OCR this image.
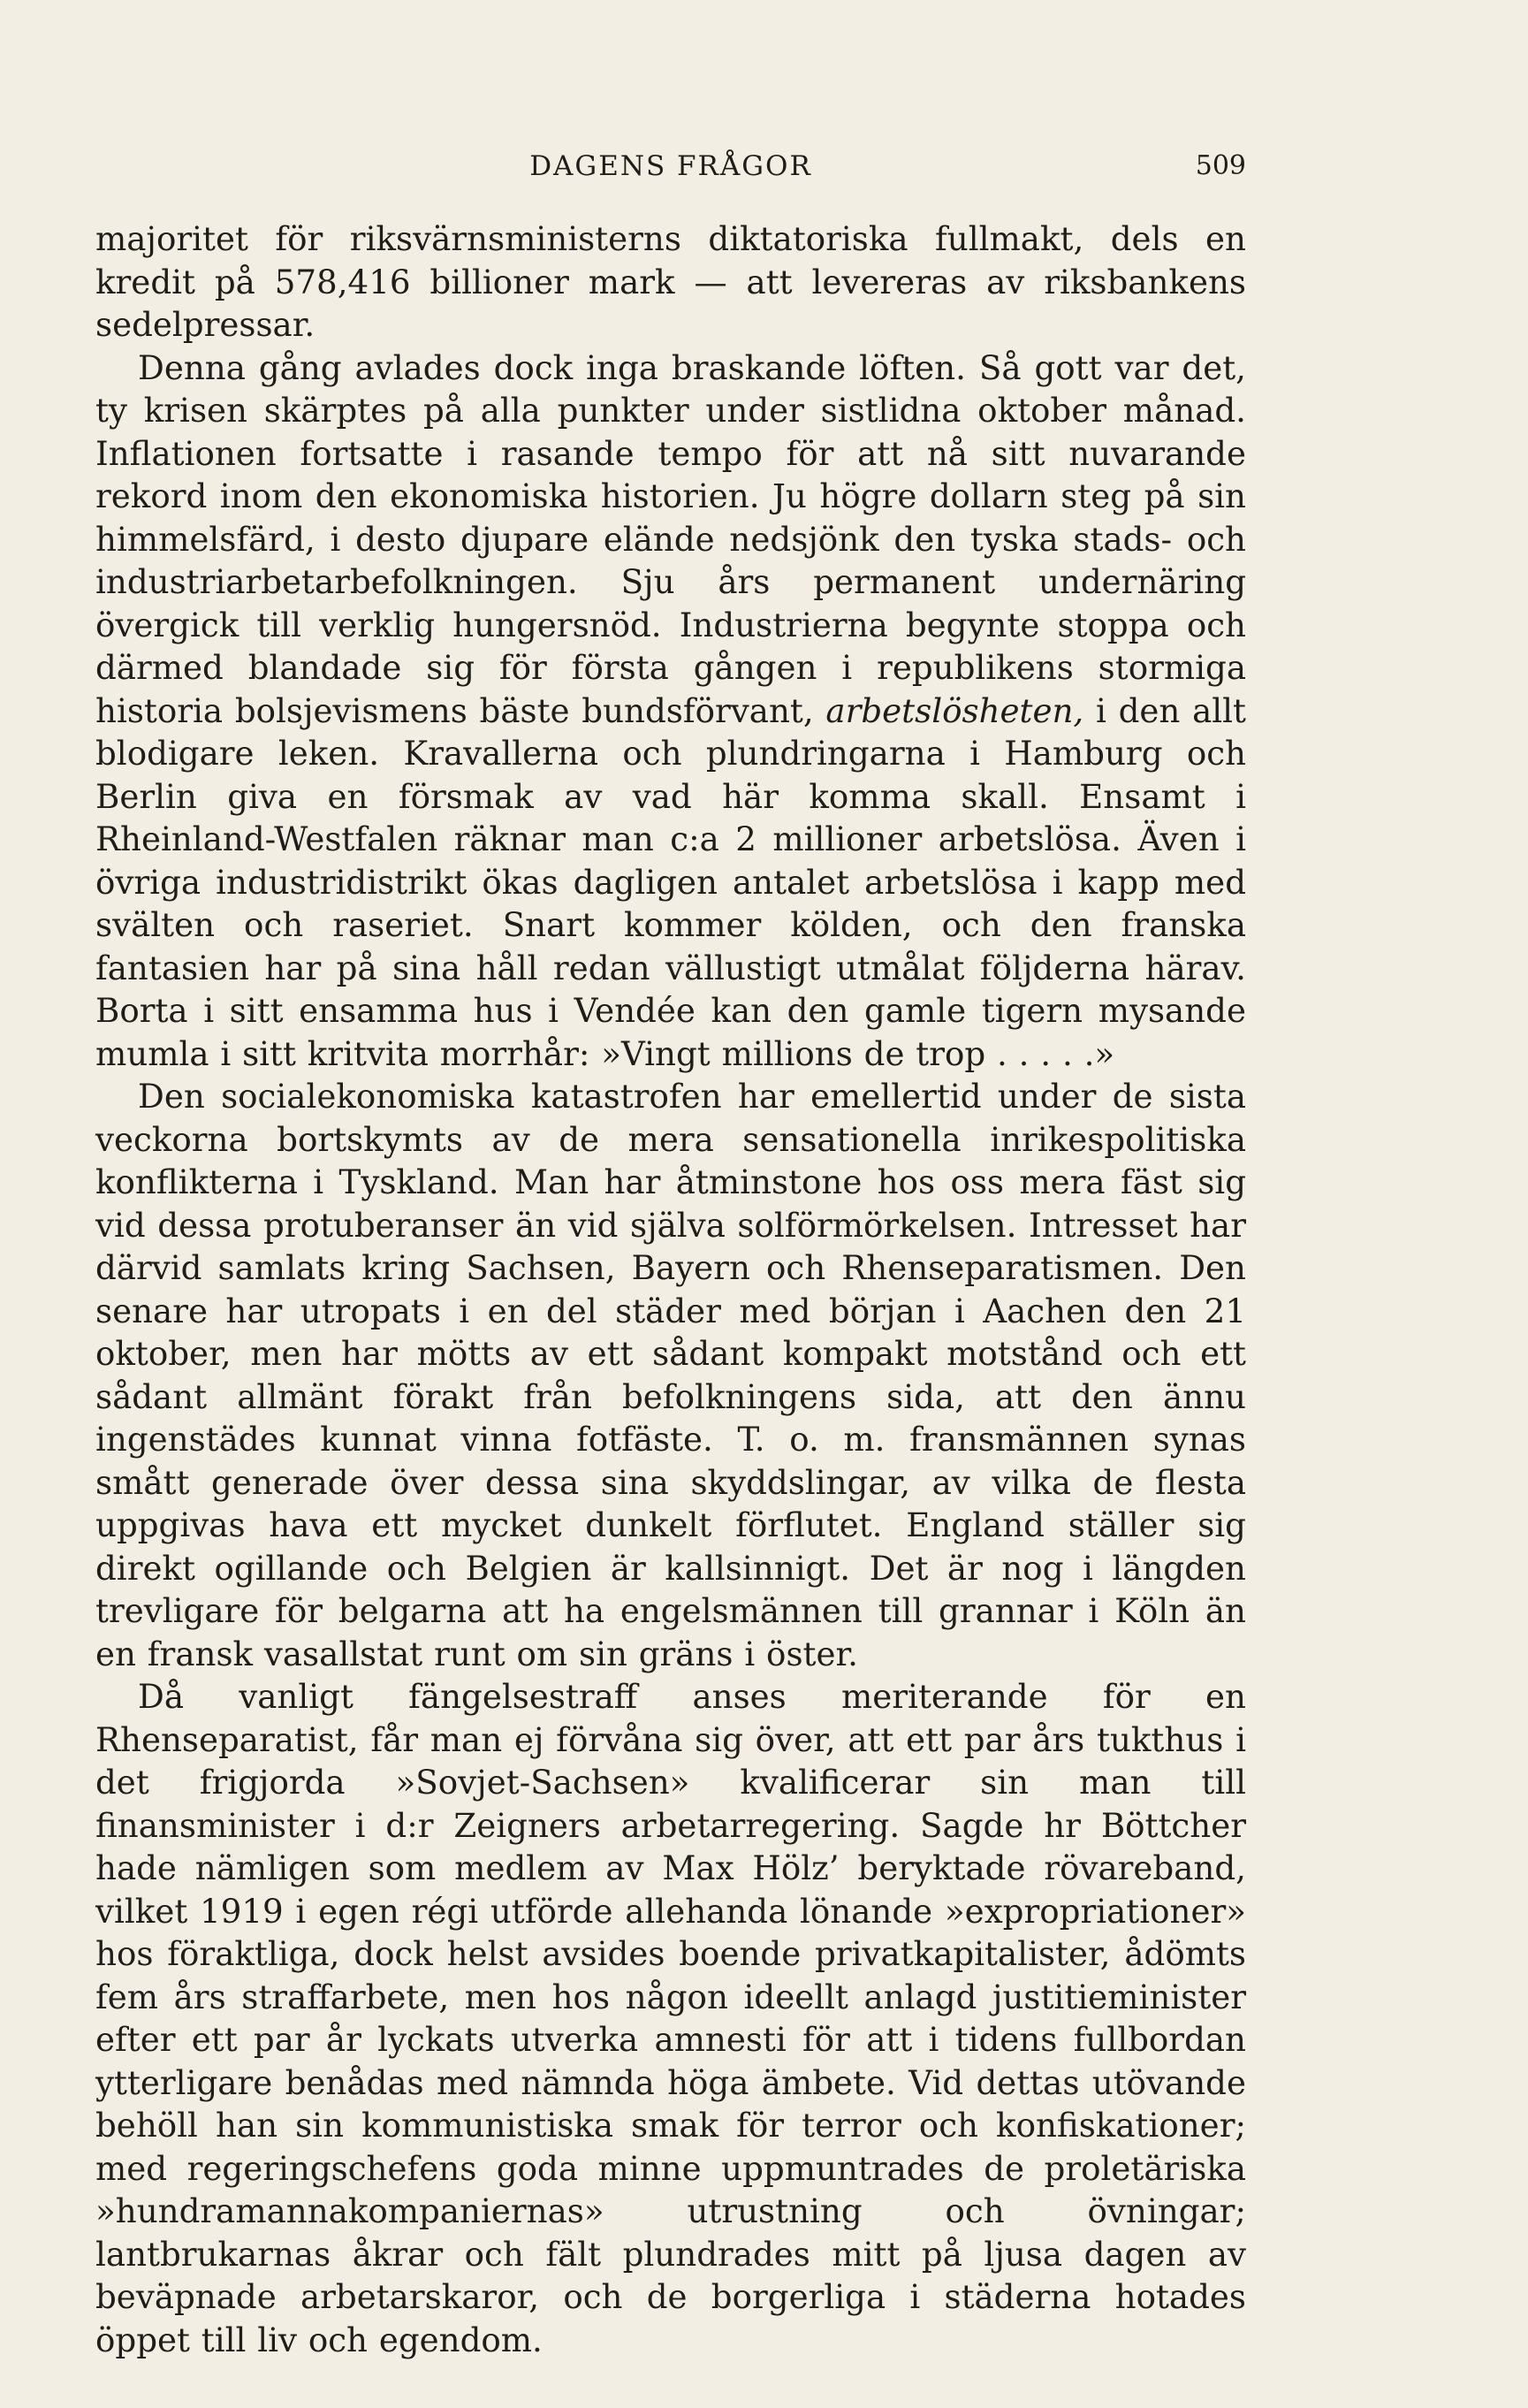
DAGENS FRÅGOR	509

majoritet för riksvärnsministerns diktatoriska fullmakt, dels en kredit på 578,416 billioner mark — att levereras av riksbankens sedelpressar.

Denna gång avlades dock inga braskande löften. Så gott var det, ty krisen skärptes på alla punkter under sistlidna oktober månad. Inflationen fortsatte i rasande tempo för att nå sitt nuvarande rekord inom den ekonomiska historien. Ju högre dollarn steg på sin himmelsfärd, i desto djupare elände nedsjönk den tyska stads- och industriarbetarbefolkningen. Sju års permanent undernäring övergick till verklig hungersnöd. Industrierna begynte stoppa och därmed blandade sig för första gången i republikens stormiga historia bolsjevismens bäste bundsförvant, arbetslösheten, i den allt blodigare leken. Kravallerna och plundringarna i Hamburg och Berlin giva en försmak av vad här komma skall. Ensamt i Rheinland-Westfalen räknar man c:a 2 millioner arbetslösa. Även i övriga industridistrikt ökas dagligen antalet arbetslösa i kapp med svälten och raseriet. Snart kommer kölden, och den franska fantasien har på sina håll redan vällustigt utmålat följderna härav. Borta i sitt ensamma hus i Vendée kan den gamle tigern mysande mumla i sitt kritvita morrhår: »Vingt millions de trop . . . . .»

Den socialekonomiska katastrofen har emellertid under de sista veckorna bortskymts av de mera sensationella inrikespolitiska konflikterna i Tyskland. Man har åtminstone hos oss mera fäst sig vid dessa protuberanser än vid själva solförmörkelsen. Intresset har därvid samlats kring Sachsen, Bayern och Rhenseparatismen. Den senare har utropats i en del städer med början i Aachen den 21 oktober, men har mötts av ett sådant kompakt motstånd och ett sådant allmänt förakt från befolkningens sida, att den ännu ingenstädes kunnat vinna fotfäste. T. o. m. fransmännen synas smått generade över dessa sina skyddslingar, av vilka de flesta uppgivas hava ett mycket dunkelt förflutet. England ställer sig direkt ogillande och Belgien är kallsinnigt. Det är nog i längden trevligare för belgarna att ha engelsmännen till grannar i Köln än en fransk vasallstat runt om sin gräns i öster.

Då vanligt fängelsestraff anses meriterande för en Rhenseparatist, får man ej förvåna sig över, att ett par års tukthus i det frigjorda »Sovjet-Sachsen» kvalificerar sin man till finansminister i d:r Zeigners arbetarregering. Sagde hr Böttcher hade nämligen som medlem av Max Hölz’ beryktade rövareband, vilket 1919 i egen régi utförde allehanda lönande »expropriationer» hos föraktliga, dock helst avsides boende privatkapitalister, ådömts fem års straffarbete, men hos någon ideellt anlagd justitieminister efter ett par år lyckats utverka amnesti för att i tidens fullbordan ytterligare benådas med nämnda höga ämbete. Vid dettas utövande behöll han sin kommunistiska smak för terror och konfiskationer; med regeringschefens goda minne uppmuntrades de proletäriska »hundramannakompaniernas» utrustning och övningar; lantbrukarnas åkrar och fält plundrades mitt på ljusa dagen av beväpnade arbetarskaror, och de borgerliga i städerna hotades öppet till liv och egendom.
